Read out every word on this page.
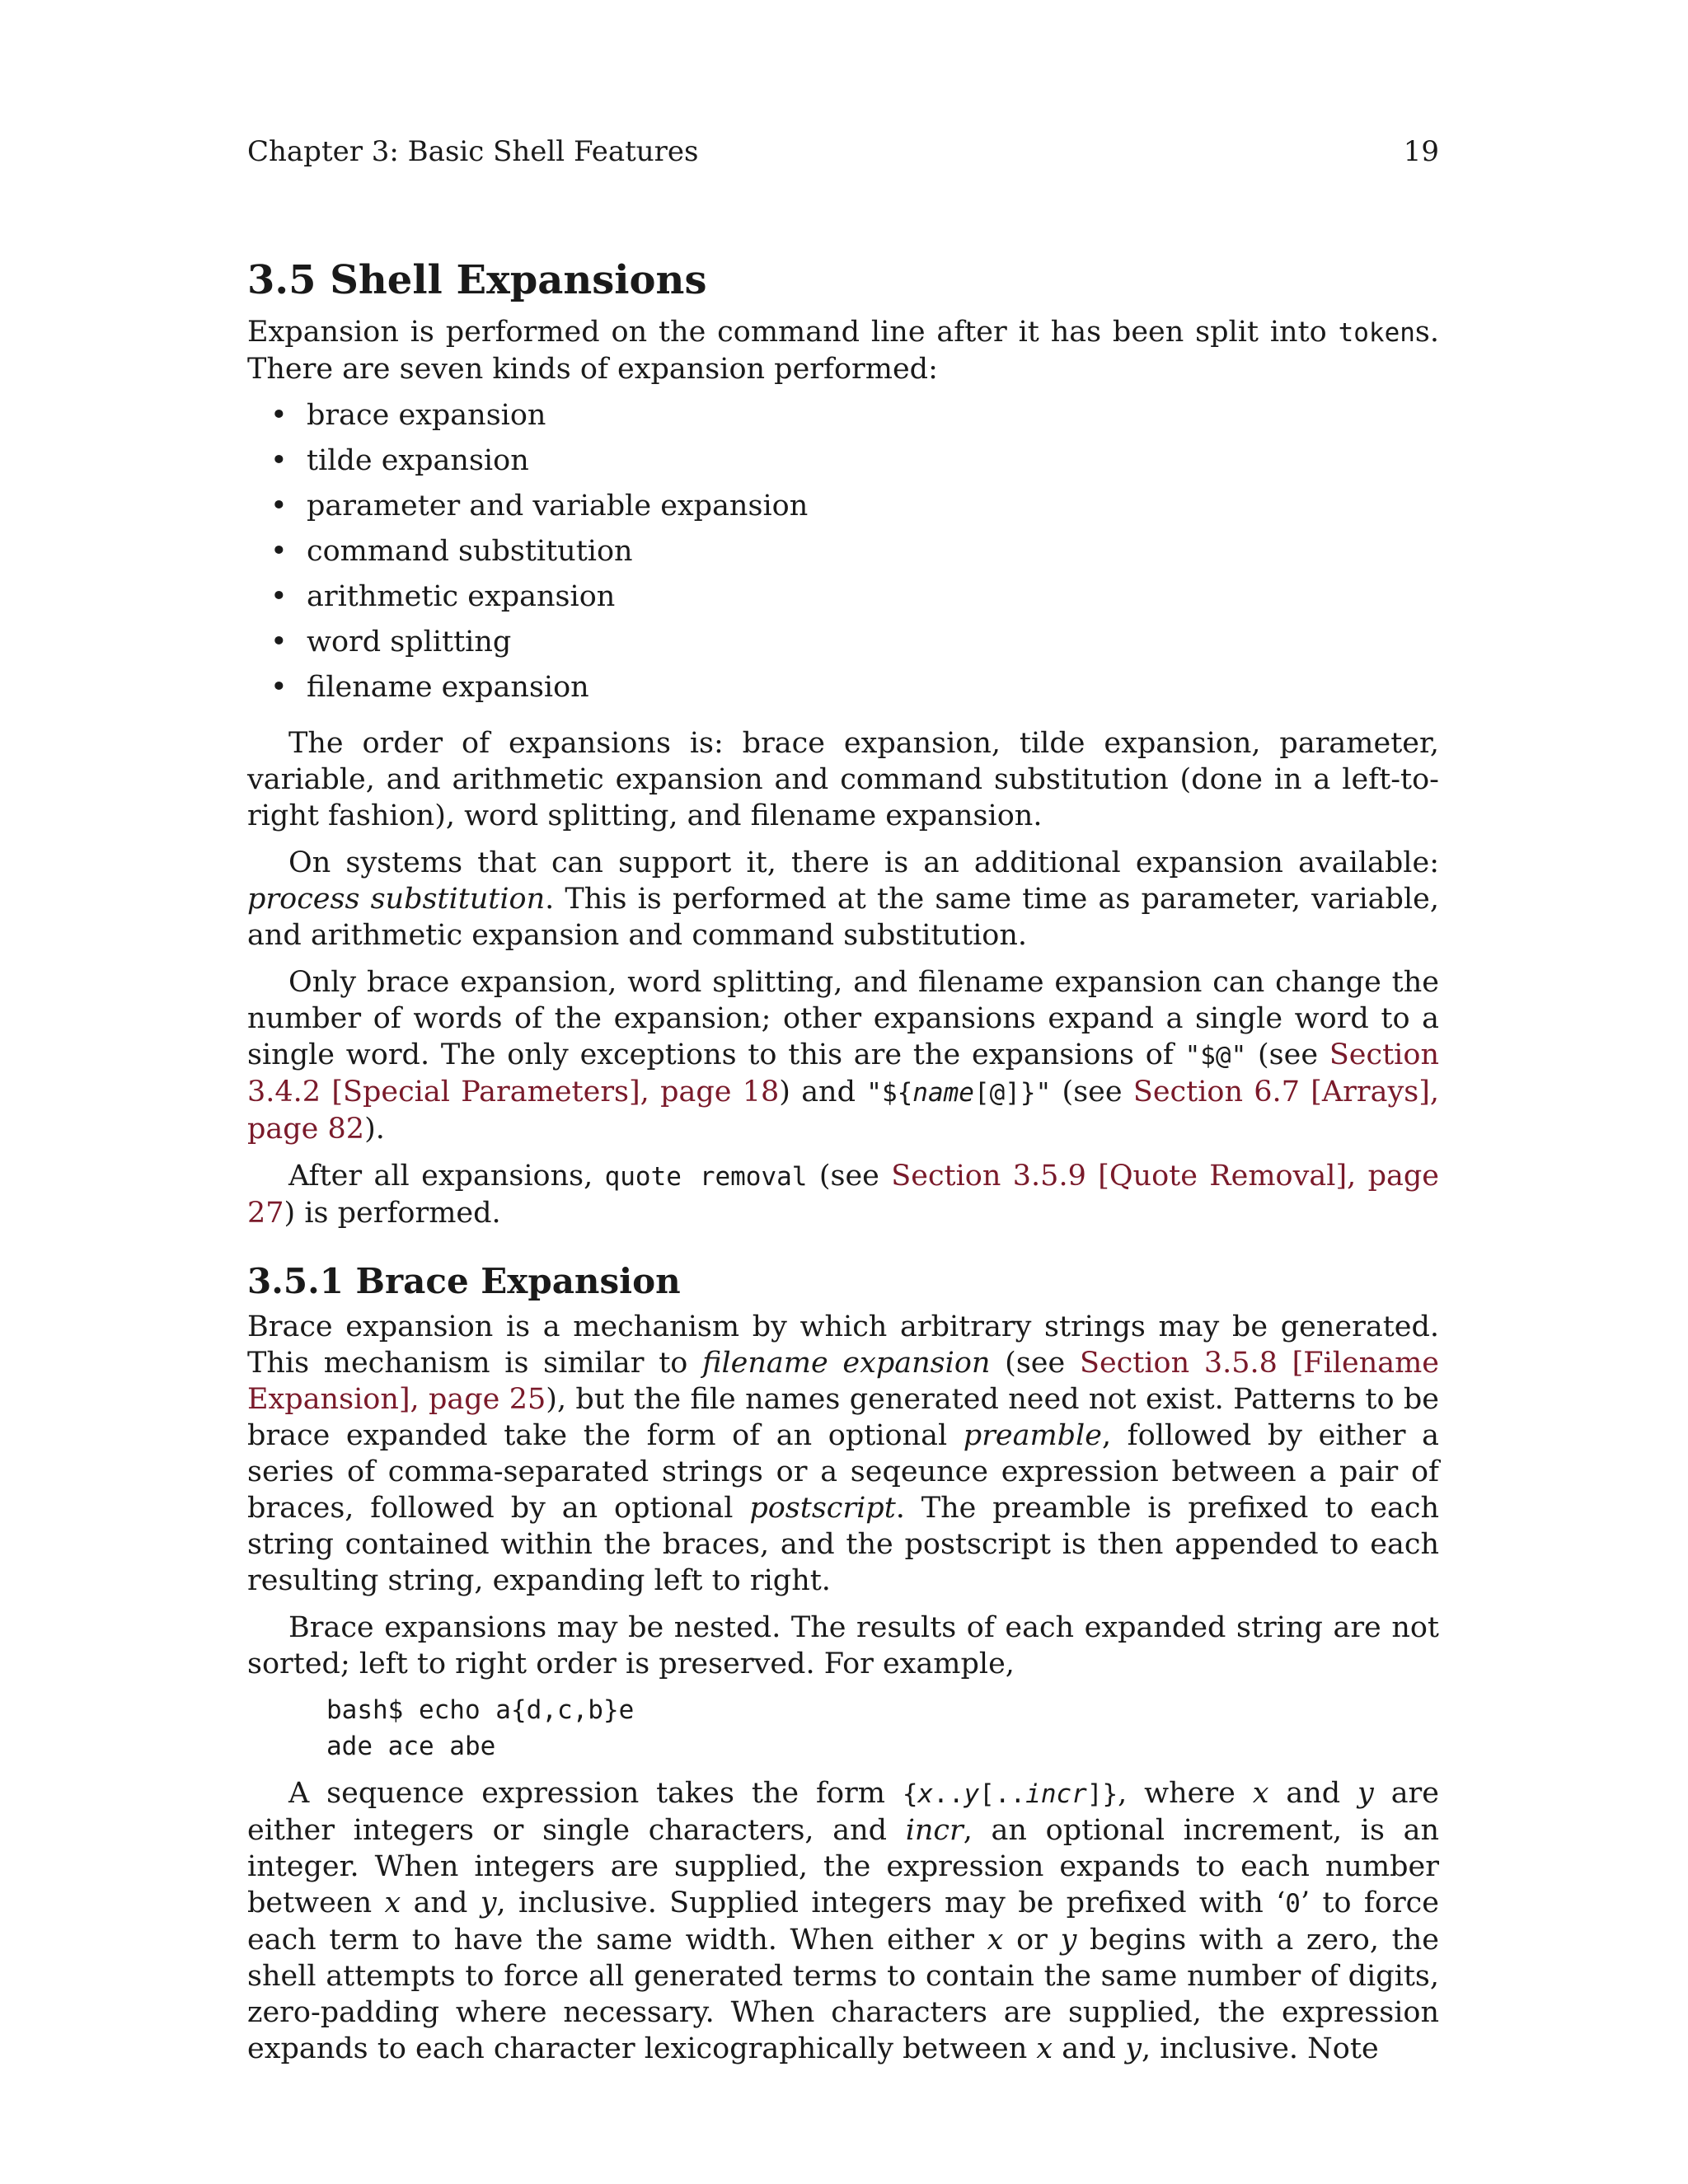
Chapter 3: Basic Shell Features	19
3.5 Shell Expansions

Expansion is performed on the command line after it has been split into tokens. There are seven kinds of expansion performed:

• brace expansion
• tilde expansion
• parameter and variable expansion
• command substitution
• arithmetic expansion
• word splitting
• filename expansion

The order of expansions is: brace expansion, tilde expansion, parameter, variable, and arithmetic expansion and command substitution (done in a left-to-right fashion), word splitting, and filename expansion.

On systems that can support it, there is an additional expansion available: process substitution. This is performed at the same time as parameter, variable, and arithmetic expansion and command substitution.

Only brace expansion, word splitting, and filename expansion can change the number of words of the expansion; other expansions expand a single word to a single word. The only exceptions to this are the expansions of "$@" (see Section 3.4.2 [Special Parameters], page 18) and "${name[@]}" (see Section 6.7 [Arrays], page 82).

After all expansions, quote removal (see Section 3.5.9 [Quote Removal], page 27) is performed.

3.5.1 Brace Expansion

Brace expansion is a mechanism by which arbitrary strings may be generated. This mechanism is similar to filename expansion (see Section 3.5.8 [Filename Expansion], page 25), but the file names generated need not exist. Patterns to be brace expanded take the form of an optional preamble, followed by either a series of comma-separated strings or a seqeunce expression between a pair of braces, followed by an optional postscript. The preamble is prefixed to each string contained within the braces, and the postscript is then appended to each resulting string, expanding left to right.

Brace expansions may be nested. The results of each expanded string are not sorted; left to right order is preserved. For example,

bash$ echo a{d,c,b}e
ade ace abe

A sequence expression takes the form {x..y[..incr]}, where x and y are either integers or single characters, and incr, an optional increment, is an integer. When integers are supplied, the expression expands to each number between x and y, inclusive. Supplied integers may be prefixed with ‘0’ to force each term to have the same width. When either x or y begins with a zero, the shell attempts to force all generated terms to contain the same number of digits, zero-padding where necessary. When characters are supplied, the expression expands to each character lexicographically between x and y, inclusive. Note
